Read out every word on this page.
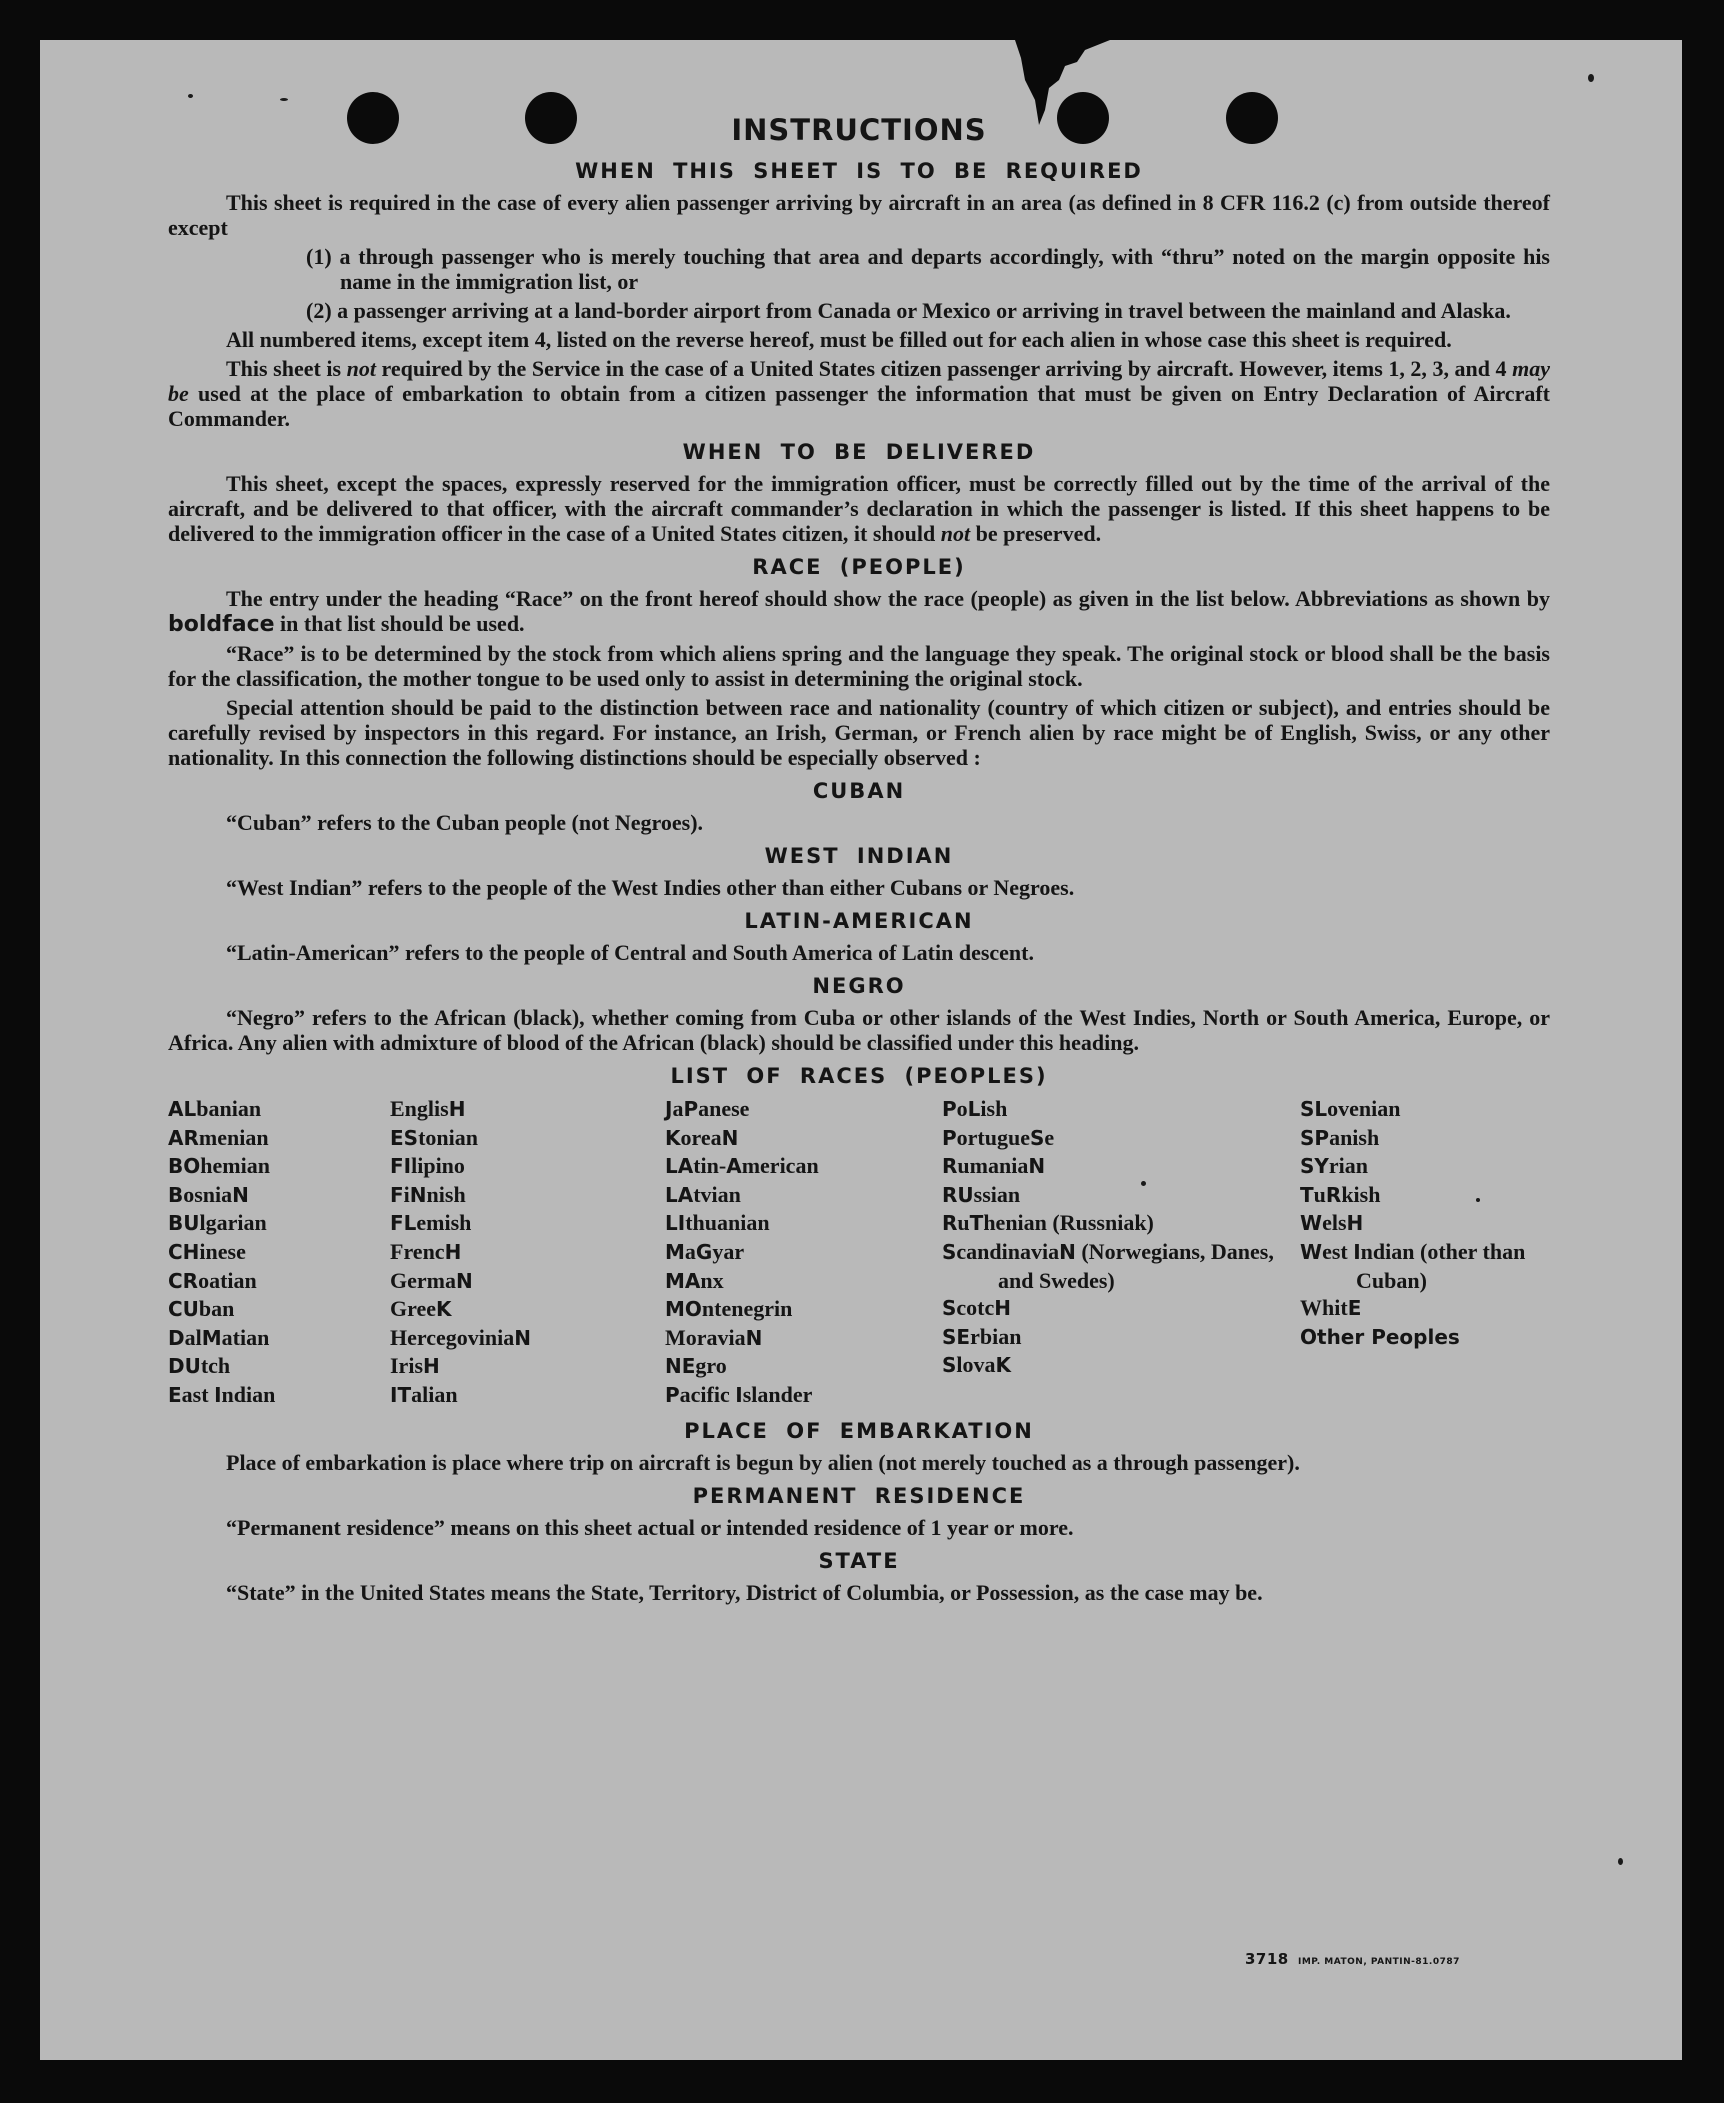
INSTRUCTIONS
WHEN THIS SHEET IS TO BE REQUIRED

This sheet is required in the case of every alien passenger arriving by aircraft in an area (as defined in 8 CFR 116.2 (c) from outside thereof except

(1) a through passenger who is merely touching that area and departs accordingly, with “thru” noted on the margin opposite his name in the immigration list, or

(2) a passenger arriving at a land-border airport from Canada or Mexico or arriving in travel between the mainland and Alaska.

All numbered items, except item 4, listed on the reverse hereof, must be filled out for each alien in whose case this sheet is required.

This sheet is not required by the Service in the case of a United States citizen passenger arriving by aircraft. However, items 1, 2, 3, and 4 may be used at the place of embarkation to obtain from a citizen passenger the information that must be given on Entry Declaration of Aircraft Commander.

WHEN TO BE DELIVERED

This sheet, except the spaces, expressly reserved for the immigration officer, must be correctly filled out by the time of the arrival of the aircraft, and be delivered to that officer, with the aircraft commander’s declaration in which the passenger is listed. If this sheet happens to be delivered to the immigration officer in the case of a United States citizen, it should not be preserved.

RACE (PEOPLE)

The entry under the heading “Race” on the front hereof should show the race (people) as given in the list below. Abbreviations as shown by boldface in that list should be used.

“Race” is to be determined by the stock from which aliens spring and the language they speak. The original stock or blood shall be the basis for the classification, the mother tongue to be used only to assist in determining the original stock.

Special attention should be paid to the distinction between race and nationality (country of which citizen or subject), and entries should be carefully revised by inspectors in this regard. For instance, an Irish, German, or French alien by race might be of English, Swiss, or any other nationality. In this connection the following distinctions should be especially observed :

CUBAN

“Cuban” refers to the Cuban people (not Negroes).

WEST INDIAN

“West Indian” refers to the people of the West Indies other than either Cubans or Negroes.

LATIN-AMERICAN

“Latin-American” refers to the people of Central and South America of Latin descent.

NEGRO

“Negro” refers to the African (black), whether coming from Cuba or other islands of the West Indies, North or South America, Europe, or Africa. Any alien with admixture of blood of the African (black) should be classified under this heading.

LIST OF RACES (PEOPLES)
ALbanian
ARmenian
BOhemian
BosniaN
BUlgarian
CHinese
CRoatian
CUban
DalMatian
DUtch
East Indian
EnglisH
EStonian
FIlipino
FiNnish
FLemish
FrencH
GermaN
GreeK
HercegoviniaN
IrisH
ITalian
JaPanese
KoreaN
LAtin-American
LAtvian
LIthuanian
MaGyar
MAnx
MOntenegrin
MoraviaN
NEgro
Pacific Islander
PoLish
PortugueSe
RumaniaN
RUssian
RuThenian (Russniak)
ScandinaviaN (Norwegians, Danes, and Swedes)
ScotcH
SErbian
SlovaK
SLovenian
SPanish
SYrian
TuRkish
WelsH
West Indian (other than Cuban)
WhitE
Other Peoples
PLACE OF EMBARKATION

Place of embarkation is place where trip on aircraft is begun by alien (not merely touched as a through passenger).

PERMANENT RESIDENCE

“Permanent residence” means on this sheet actual or intended residence of 1 year or more.

STATE

“State” in the United States means the State, Territory, District of Columbia, or Possession, as the case may be.

3718 IMP. MATON, PANTIN-81.0787
